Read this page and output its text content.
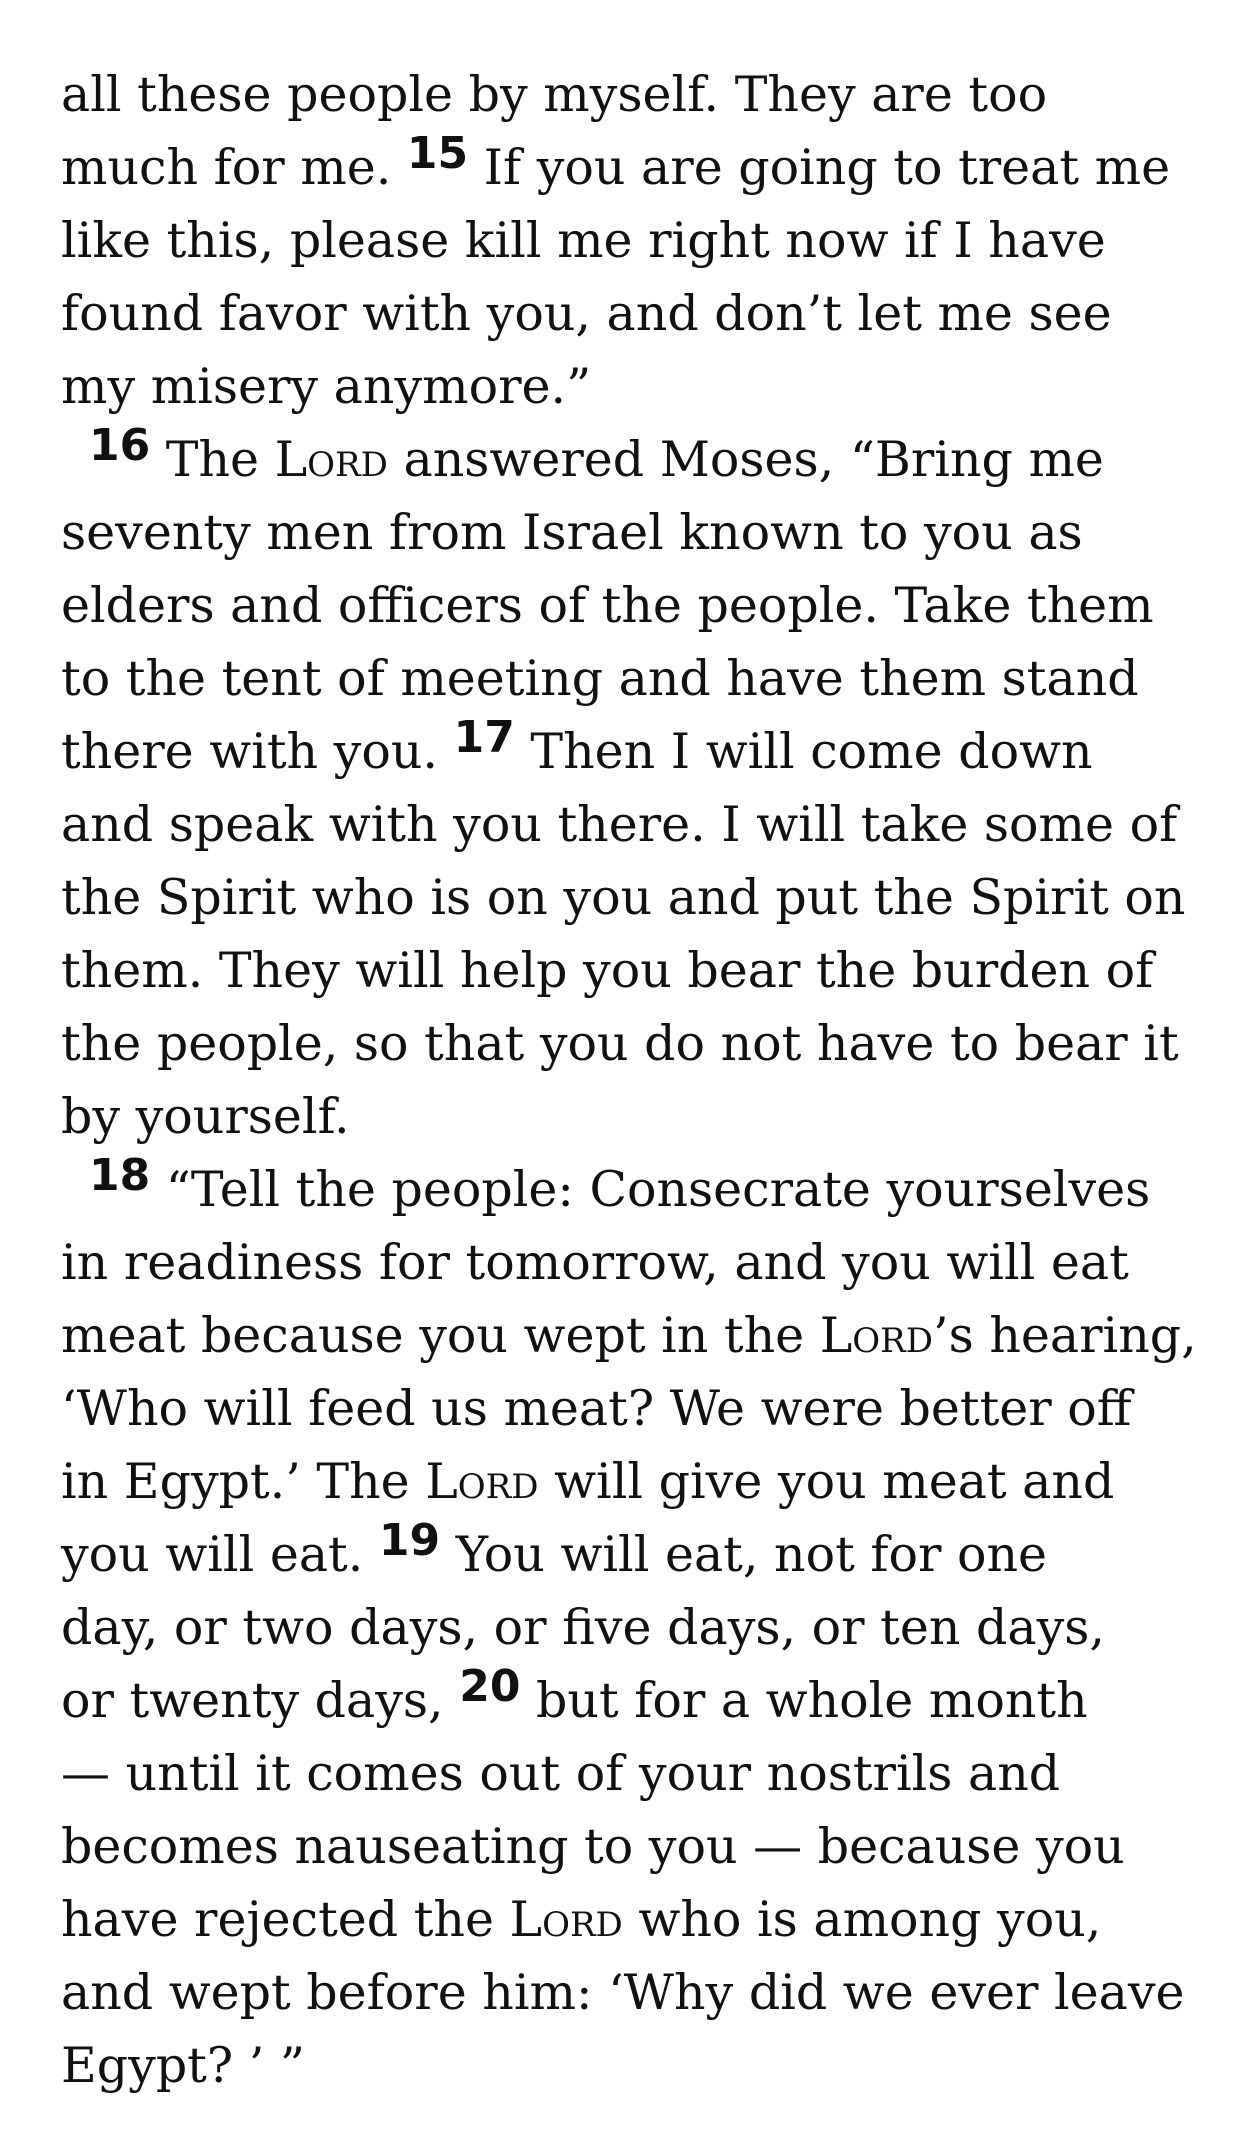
all these people by myself. They are too
much for me. 15 If you are going to treat me
like this, please kill me right now if I have
found favor with you, and don’t let me see
my misery anymore.”
16 The Lord answered Moses, “Bring me
seventy men from Israel known to you as
elders and officers of the people. Take them
to the tent of meeting and have them stand
there with you. 17 Then I will come down
and speak with you there. I will take some of
the Spirit who is on you and put the Spirit on
them. They will help you bear the burden of
the people, so that you do not have to bear it
by yourself.
18 “Tell the people: Consecrate yourselves
in readiness for tomorrow, and you will eat
meat because you wept in the Lord’s hearing,
‘Who will feed us meat? We were better off
in Egypt.’ The Lord will give you meat and
you will eat. 19 You will eat, not for one
day, or two days, or five days, or ten days,
or twenty days, 20 but for a whole month
— until it comes out of your nostrils and
becomes nauseating to you — because you
have rejected the Lord who is among you,
and wept before him: ‘Why did we ever leave
Egypt? ’ ”
